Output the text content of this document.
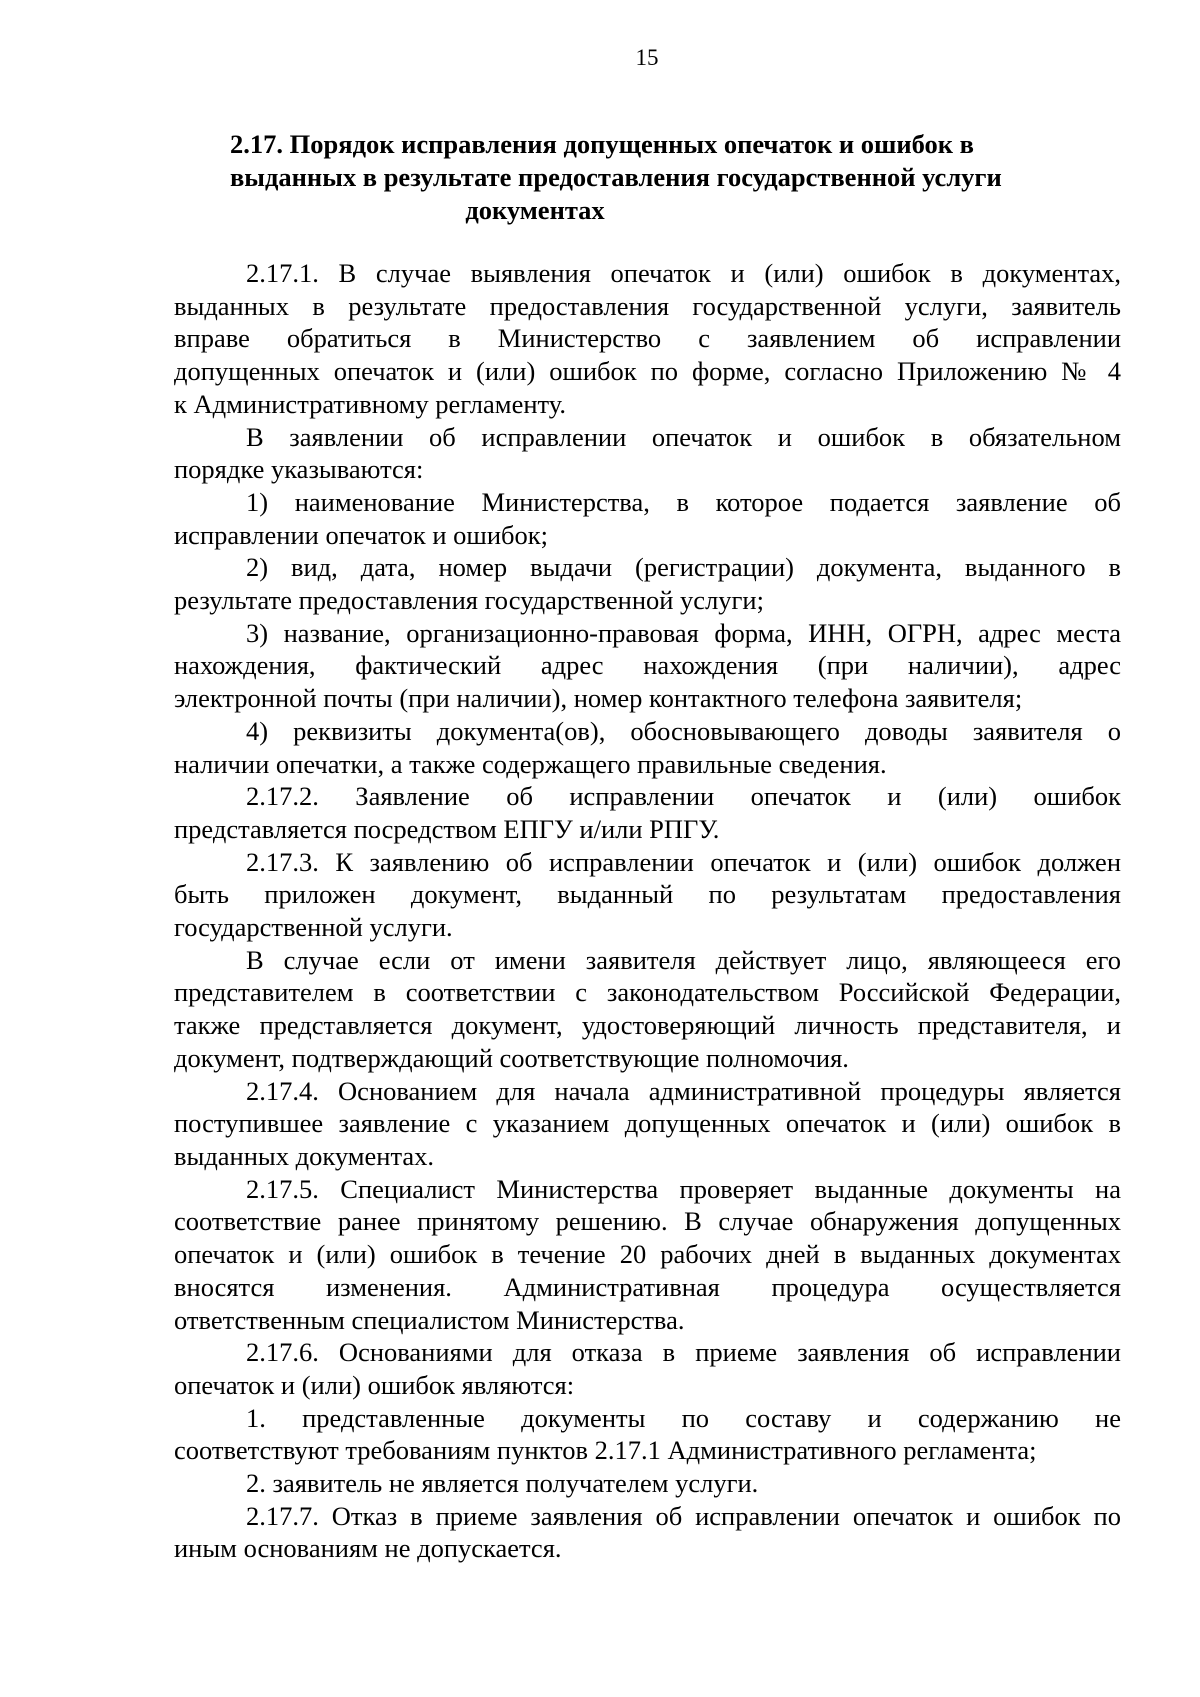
15
2.17. Порядок исправления допущенных опечаток и ошибок в
выданных в результате предоставления государственной услуги
документах

2.17.1. В случае выявления опечаток и (или) ошибок в документах,
выданных в результате предоставления государственной услуги, заявитель
вправе обратиться в Министерство с заявлением об исправлении
допущенных опечаток и (или) ошибок по форме, согласно Приложению № 4
к Административному регламенту.

В заявлении об исправлении опечаток и ошибок в обязательном
порядке указываются:

1) наименование Министерства, в которое подается заявление об
исправлении опечаток и ошибок;

2) вид, дата, номер выдачи (регистрации) документа, выданного в
результате предоставления государственной услуги;

3) название, организационно-правовая форма, ИНН, ОГРН, адрес места
нахождения, фактический адрес нахождения (при наличии), адрес
электронной почты (при наличии), номер контактного телефона заявителя;

4) реквизиты документа(ов), обосновывающего доводы заявителя о
наличии опечатки, а также содержащего правильные сведения.

2.17.2. Заявление об исправлении опечаток и (или) ошибок
представляется посредством ЕПГУ и/или РПГУ.

2.17.3. К заявлению об исправлении опечаток и (или) ошибок должен
быть приложен документ, выданный по результатам предоставления
государственной услуги.

В случае если от имени заявителя действует лицо, являющееся его
представителем в соответствии с законодательством Российской Федерации,
также представляется документ, удостоверяющий личность представителя, и
документ, подтверждающий соответствующие полномочия.

2.17.4. Основанием для начала административной процедуры является
поступившее заявление с указанием допущенных опечаток и (или) ошибок в
выданных документах.

2.17.5. Специалист Министерства проверяет выданные документы на
соответствие ранее принятому решению. В случае обнаружения допущенных
опечаток и (или) ошибок в течение 20 рабочих дней в выданных документах
вносятся изменения. Административная процедура осуществляется
ответственным специалистом Министерства.

2.17.6. Основаниями для отказа в приеме заявления об исправлении
опечаток и (или) ошибок являются:

1. представленные документы по составу и содержанию не
соответствуют требованиям пунктов 2.17.1 Административного регламента;

2. заявитель не является получателем услуги.

2.17.7. Отказ в приеме заявления об исправлении опечаток и ошибок по
иным основаниям не допускается.
